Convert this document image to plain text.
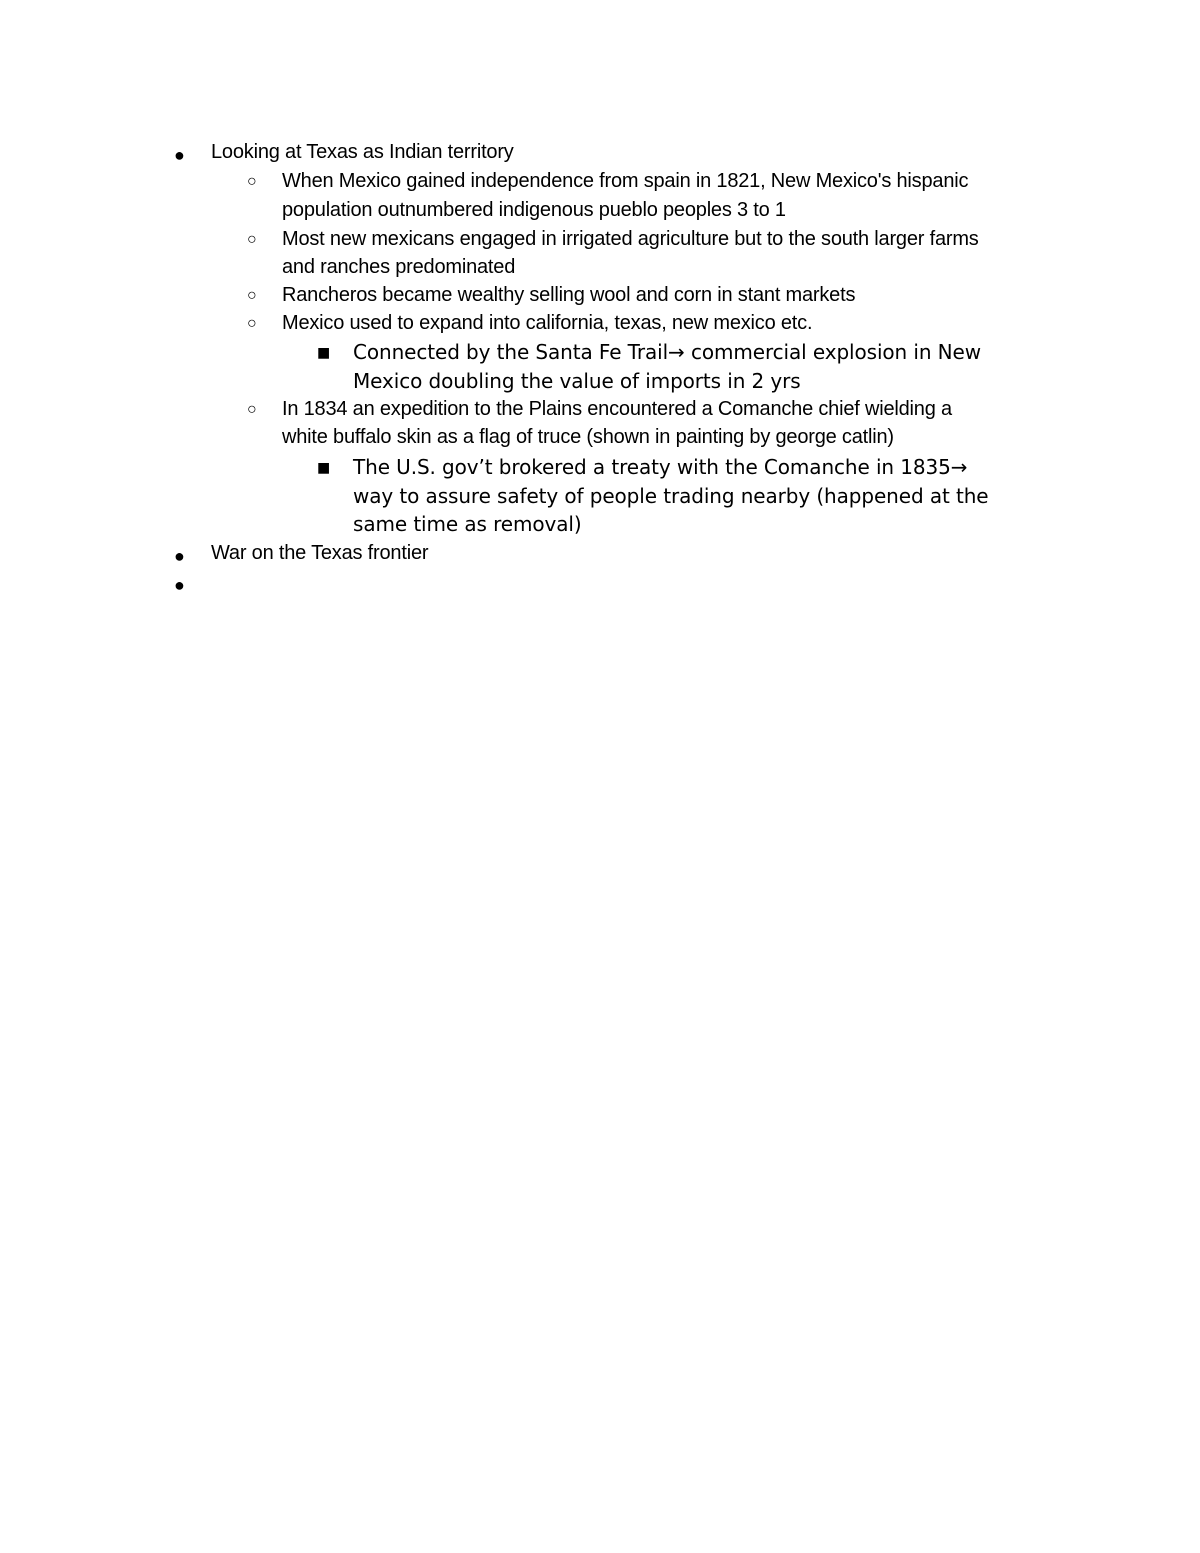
● Looking at Texas as Indian territory
○ When Mexico gained independence from spain in 1821, New Mexico's hispanic
population outnumbered indigenous pueblo peoples 3 to 1
○ Most new mexicans engaged in irrigated agriculture but to the south larger farms
and ranches predominated
○ Rancheros became wealthy selling wool and corn in stant markets
○ Mexico used to expand into california, texas, new mexico etc.
■ Connected by the Santa Fe Trail→ commercial explosion in New
Mexico doubling the value of imports in 2 yrs
○ In 1834 an expedition to the Plains encountered a Comanche chief wielding a
white buffalo skin as a flag of truce (shown in painting by george catlin)
■ The U.S. gov’t brokered a treaty with the Comanche in 1835→
way to assure safety of people trading nearby (happened at the
same time as removal)
● War on the Texas frontier
●
